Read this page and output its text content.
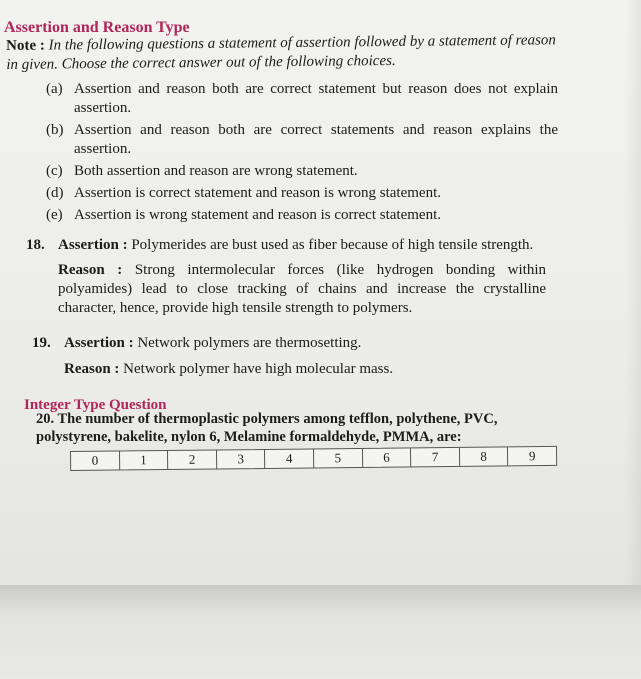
Assertion and Reason Type
Note : In the following questions a statement of assertion followed by a statement of reason in given. Choose the correct answer out of the following choices.
(a) Assertion and reason both are correct statement but reason does not explain assertion.
(b) Assertion and reason both are correct statements and reason explains the assertion.
(c) Both assertion and reason are wrong statement.
(d) Assertion is correct statement and reason is wrong statement.
(e) Assertion is wrong statement and reason is correct statement.
18. Assertion : Polymerides are bust used as fiber because of high tensile strength.
Reason : Strong intermolecular forces (like hydrogen bonding within polyamides) lead to close tracking of chains and increase the crystalline character, hence, provide high tensile strength to polymers.
19. Assertion : Network polymers are thermosetting.
Reason : Network polymer have high molecular mass.
Integer Type Question
20. The number of thermoplastic polymers among tefflon, polythene, PVC, polystyrene, bakelite, nylon 6, Melamine formaldehyde, PMMA, are:
0	1	2	3	4	5	6	7	8	9
